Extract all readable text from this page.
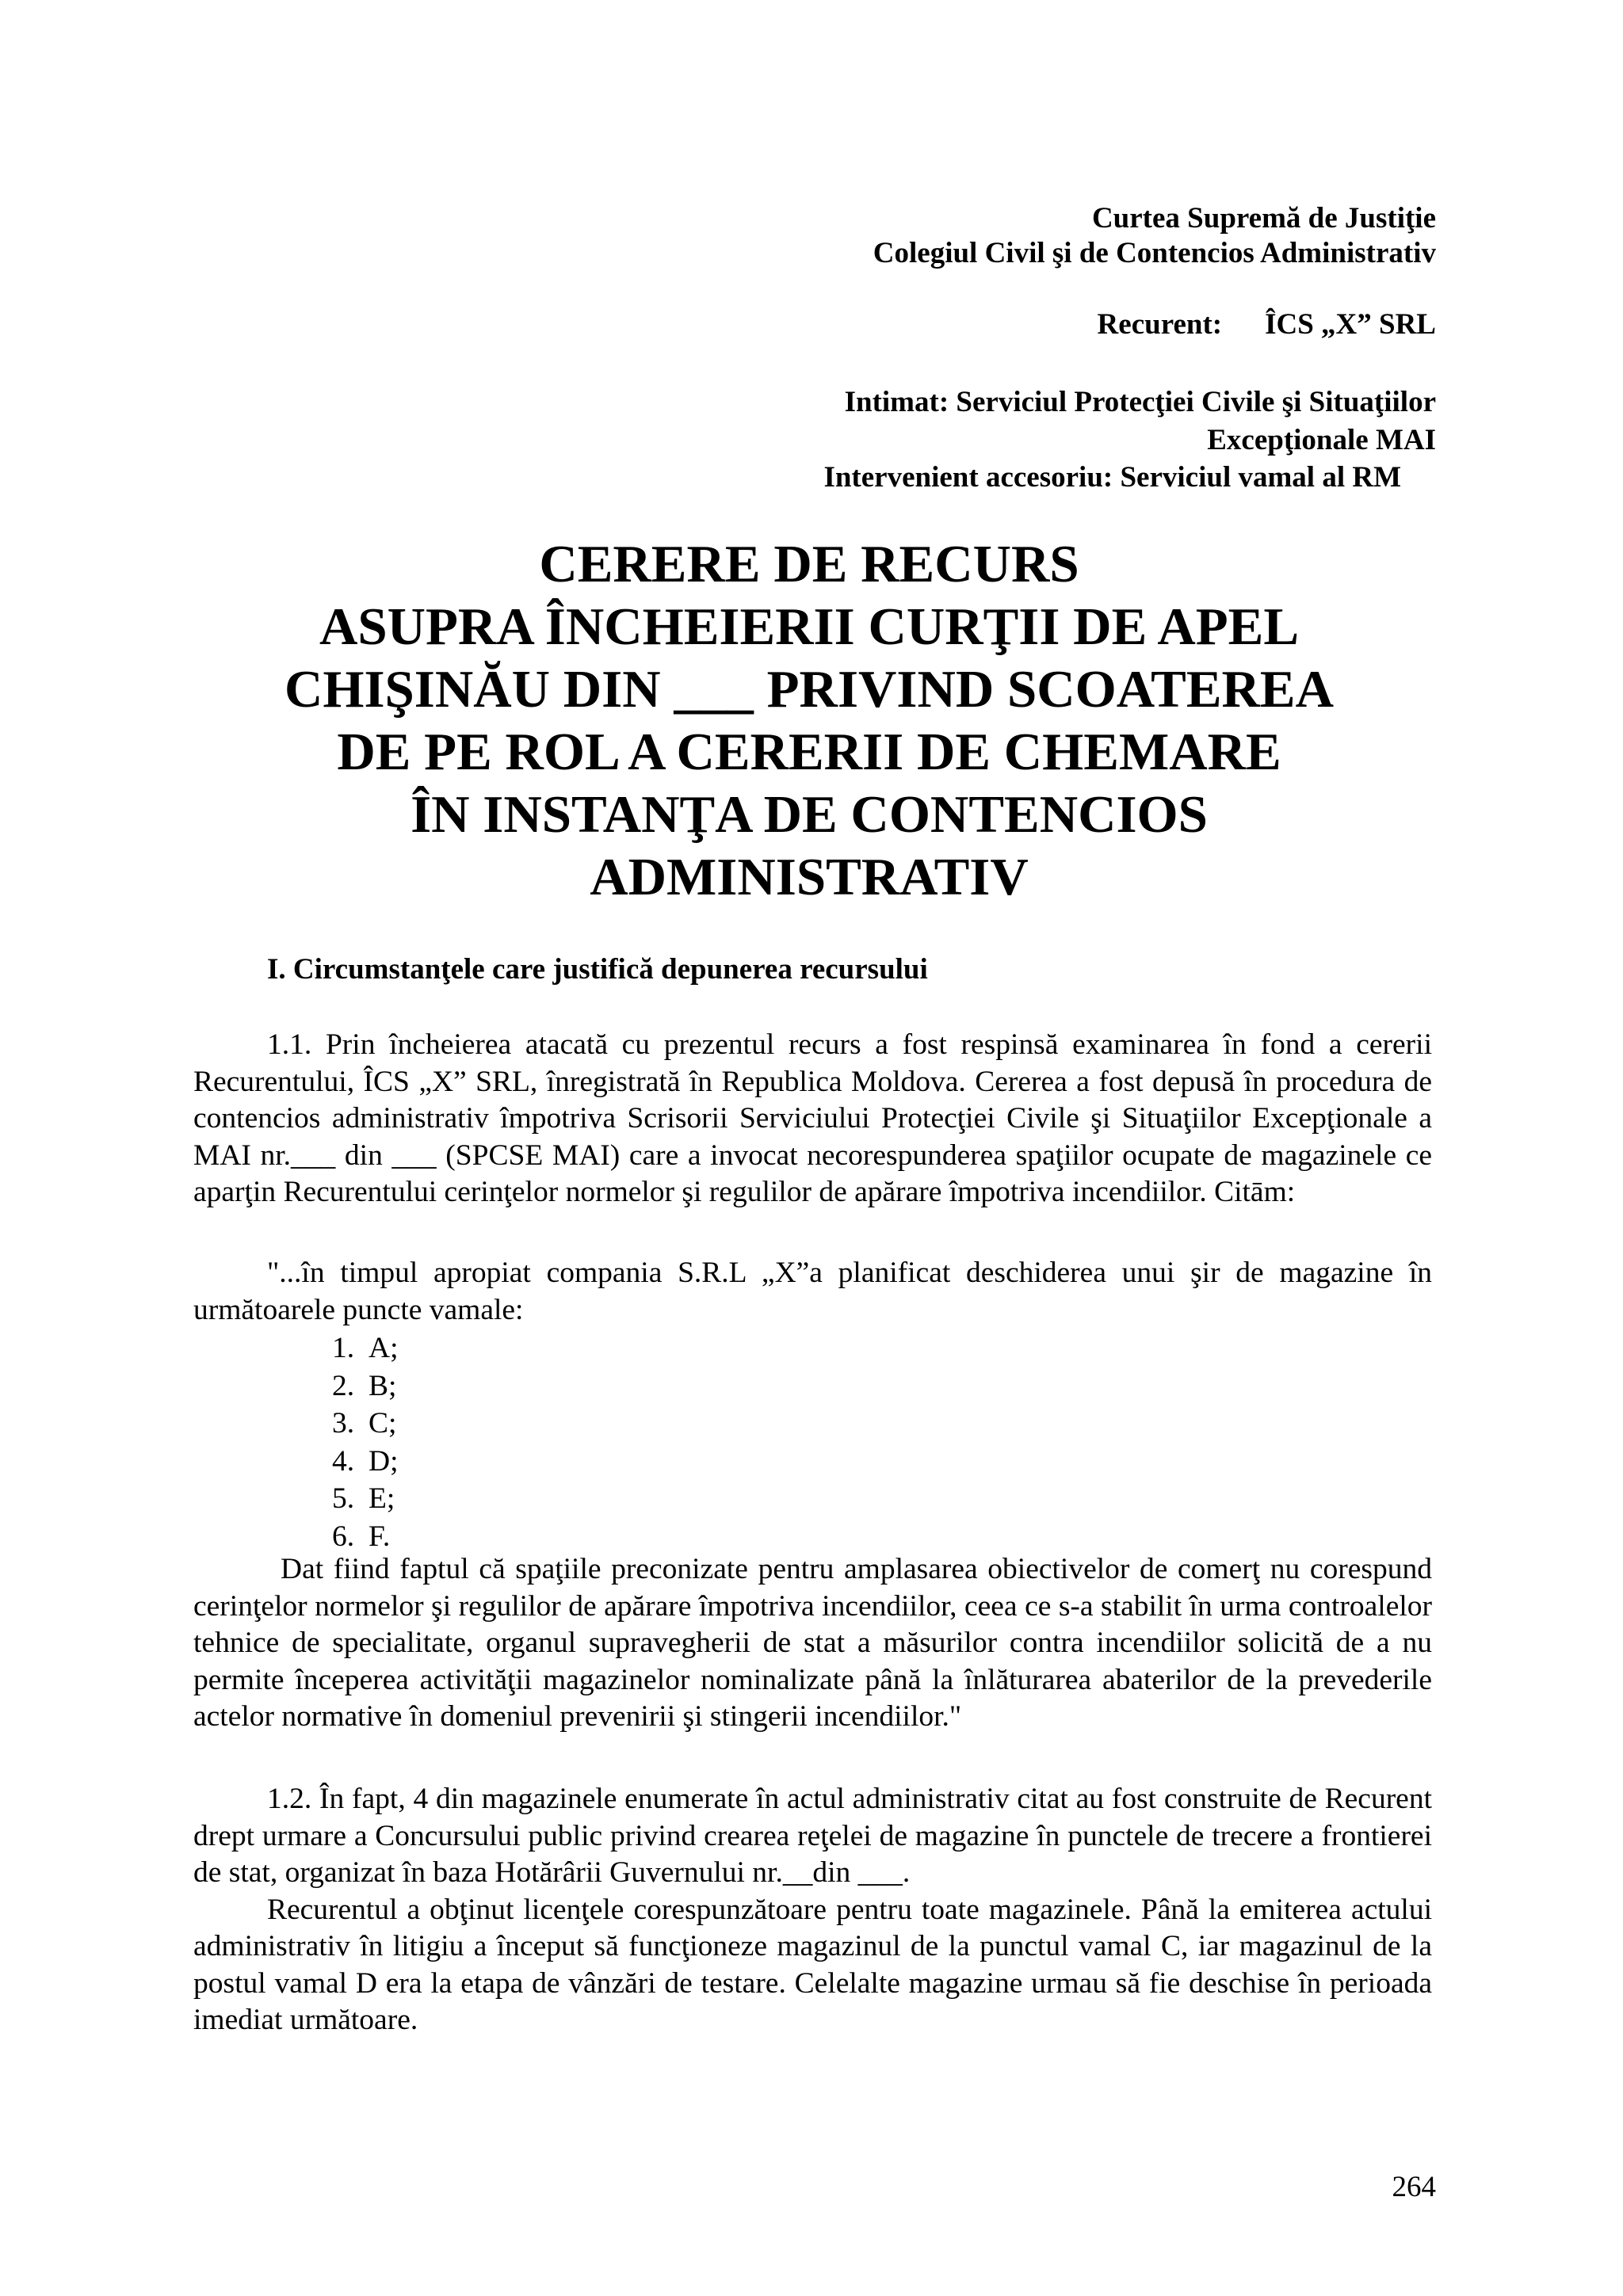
Curtea Supremă de Justiţie
Colegiul Civil şi de Contencios Administrativ
Recurent: ÎCS „X” SRL
Intimat: Serviciul Protecţiei Civile şi Situaţiilor
Excepţionale MAI
Intervenient accesoriu: Serviciul vamal al RM
CERERE DE RECURS
ASUPRA ÎNCHEIERII CURŢII DE APEL
CHIŞINĂU DIN ___ PRIVIND SCOATEREA
DE PE ROL A CERERII DE CHEMARE
ÎN INSTANŢA DE CONTENCIOS
ADMINISTRATIV
I. Circumstanţele care justifică depunerea recursului

1.1. Prin încheierea atacată cu prezentul recurs a fost respinsă examinarea în fond a cererii Recurentului, ÎCS „X” SRL, înregistrată în Republica Moldova. Cererea a fost depusă în procedura de contencios administrativ împotriva Scrisorii Serviciului Protecţiei Civile şi Situaţiilor Excepţionale a MAI nr.___ din ___ (SPCSE MAI) care a invocat necorespunderea spaţiilor ocupate de magazinele ce aparţin Recurentului cerinţelor normelor şi regulilor de apărare împotriva incendiilor. Citām:

"...în timpul apropiat compania S.R.L „X”a planificat deschiderea unui şir de magazine în următoarele puncte vamale:
1. A;
2. B;
3. C;
4. D;
5. E;
6. F.

Dat fiind faptul că spaţiile preconizate pentru amplasarea obiectivelor de comerţ nu corespund cerinţelor normelor şi regulilor de apărare împotriva incendiilor, ceea ce s-a stabilit în urma controalelor tehnice de specialitate, organul supravegherii de stat a măsurilor contra incendiilor solicită de a nu permite începerea activităţii magazinelor nominalizate până la înlăturarea abaterilor de la prevederile actelor normative în domeniul prevenirii şi stingerii incendiilor."

1.2. În fapt, 4 din magazinele enumerate în actul administrativ citat au fost construite de Recurent drept urmare a Concursului public privind crearea reţelei de magazine în punctele de trecere a frontierei de stat, organizat în baza Hotărârii Guvernului nr.__din ___.

Recurentul a obţinut licenţele corespunzătoare pentru toate magazinele. Până la emiterea actului administrativ în litigiu a început să funcţioneze magazinul de la punctul vamal C, iar magazinul de la postul vamal D era la etapa de vânzări de testare. Celelalte magazine urmau să fie deschise în perioada imediat următoare.

264
